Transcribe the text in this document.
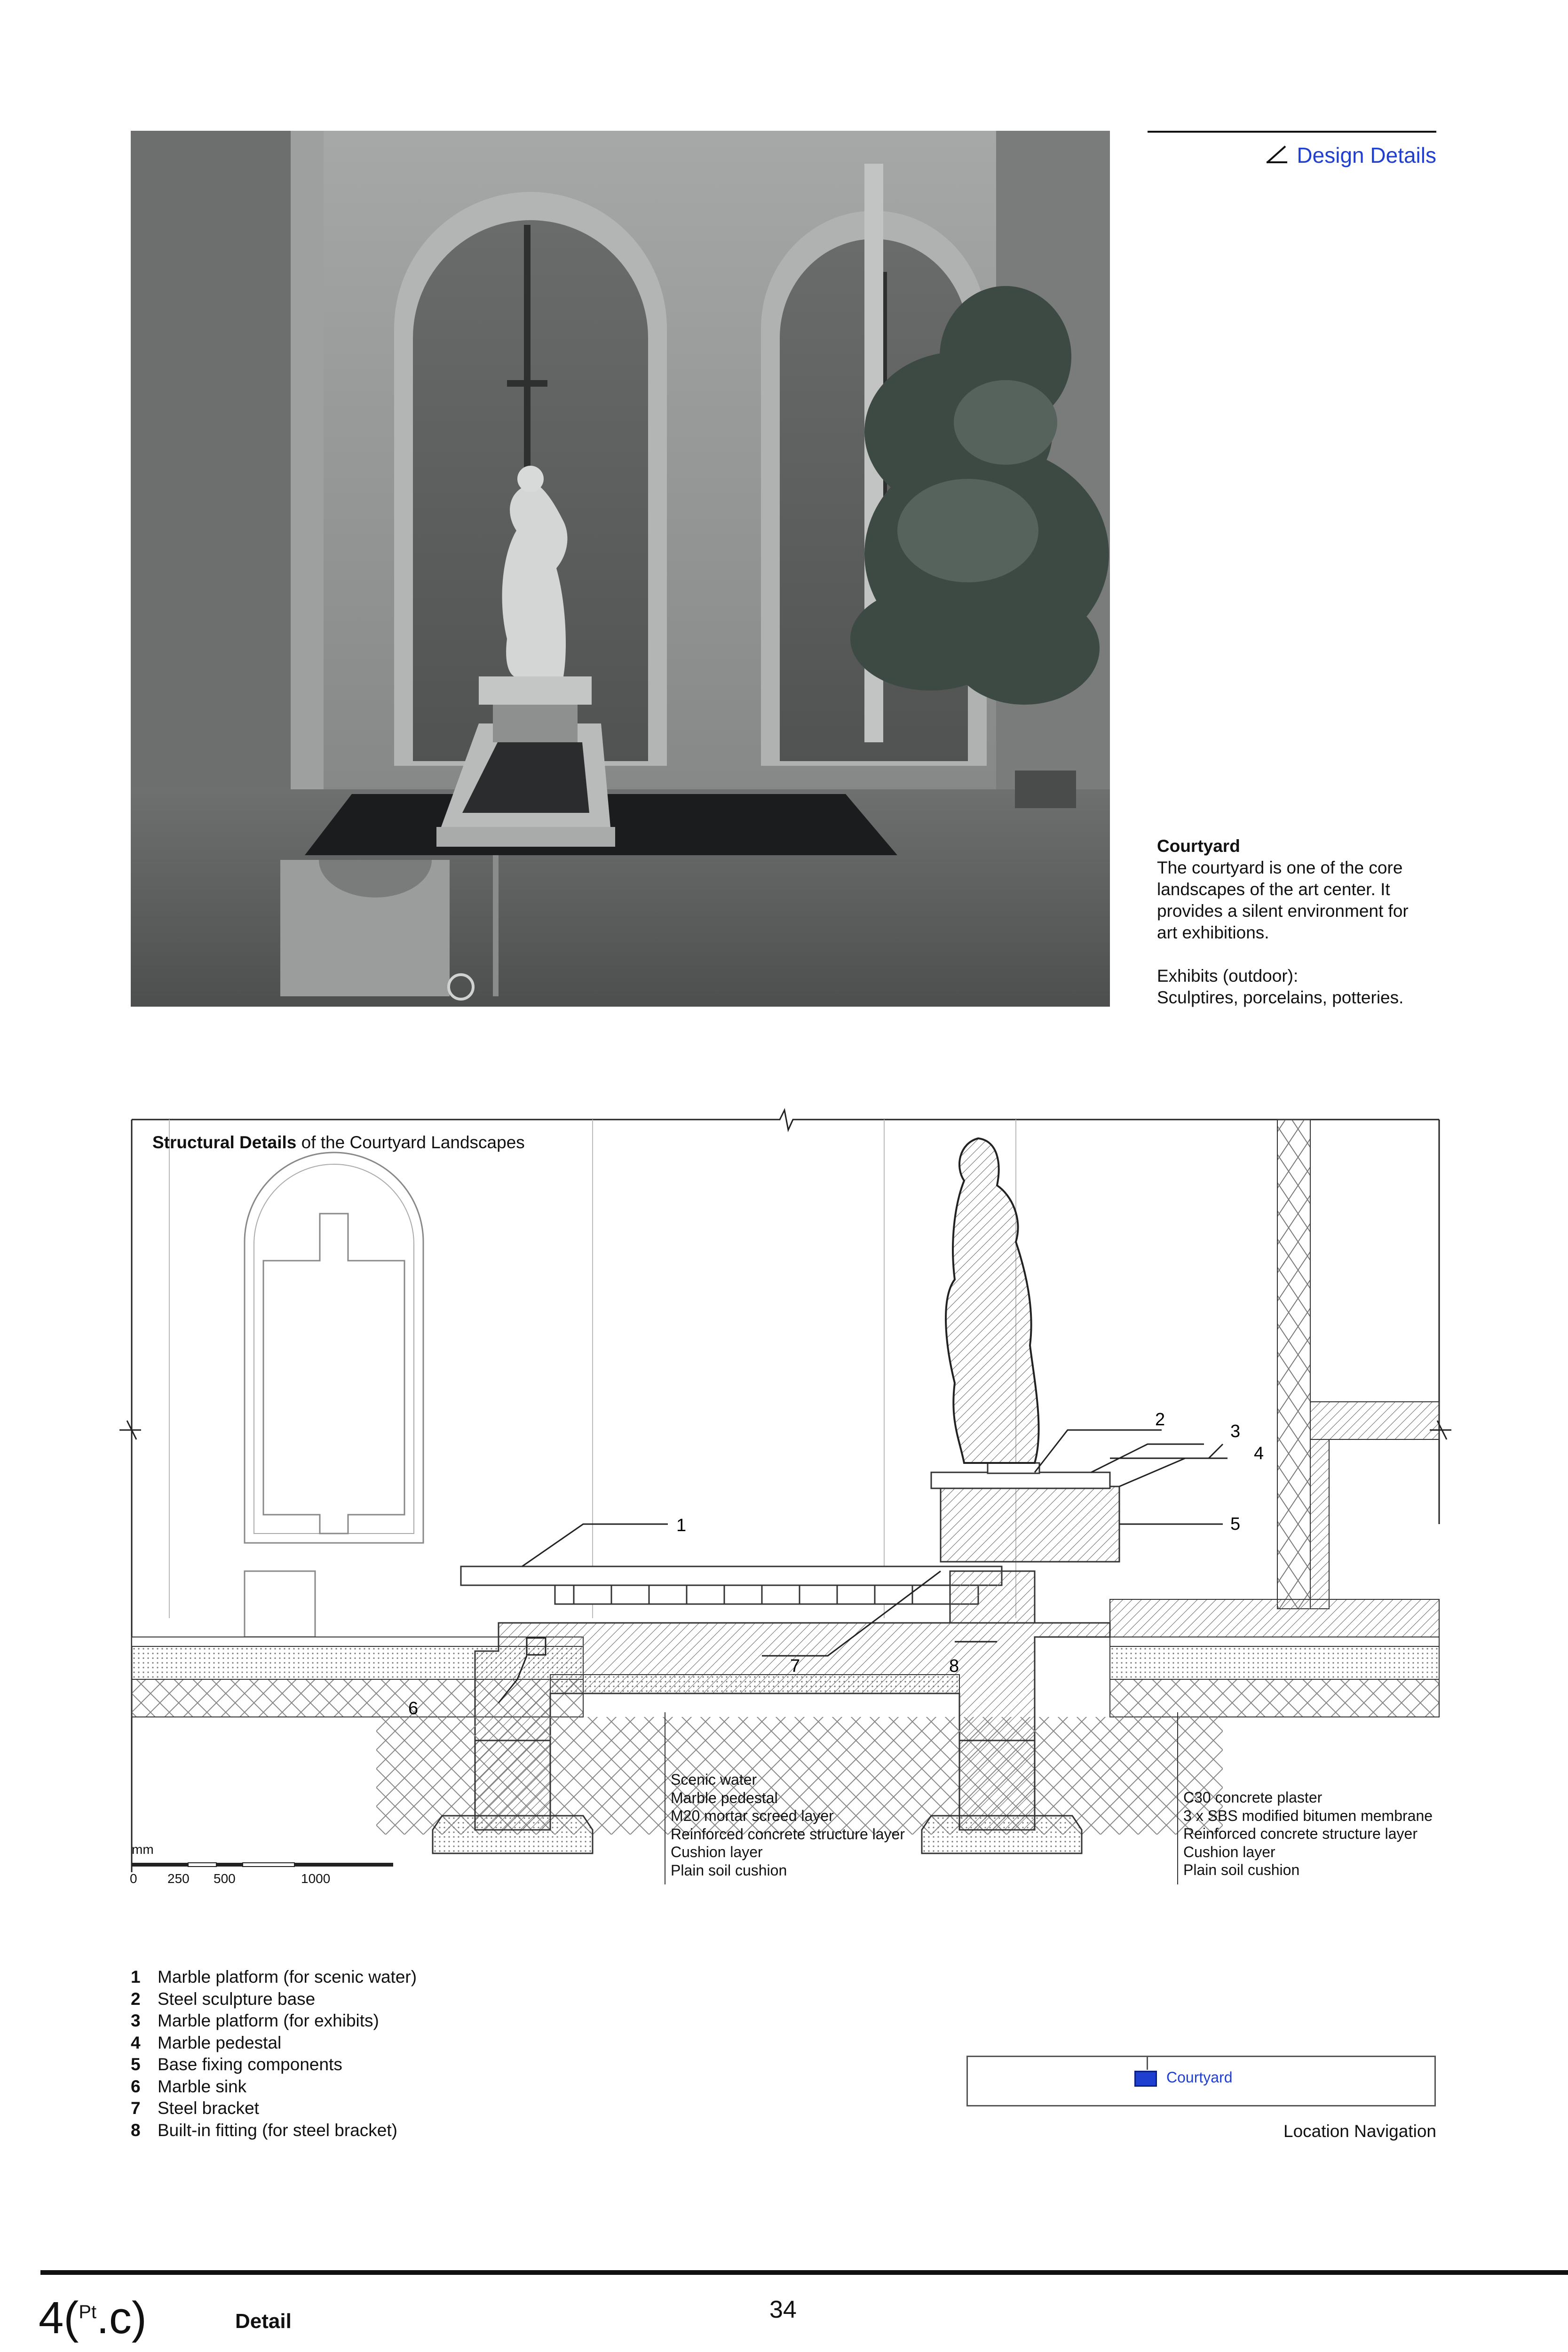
Design Details
Courtyard
The courtyard is one of the core
landscapes of the art center. It
provides a silent environment for
art exhibitions.
Exhibits (outdoor):
Sculptires, porcelains, potteries.
1
2
3
4
5
6
7	8
Structural Details of the Courtyard Landscapes
Scenic water
Marble pedestal
M20 mortar screed layer
Reinforced concrete structure layer
Cushion layer
Plain soil cushion
C30 concrete plaster
3 x SBS modified bitumen membrane
Reinforced concrete structure layer
Cushion layer
Plain soil cushion
mm
0 250 500	1000
1 Marble platform (for scenic water)
2 Steel sculpture base
3 Marble platform (for exhibits)
4 Marble pedestal
5 Base fixing components
6 Marble sink
7 Steel bracket
8 Built-in fitting (for steel bracket)
Courtyard
Location Navigation
4($^{Pt}$.c)	Detail	34
